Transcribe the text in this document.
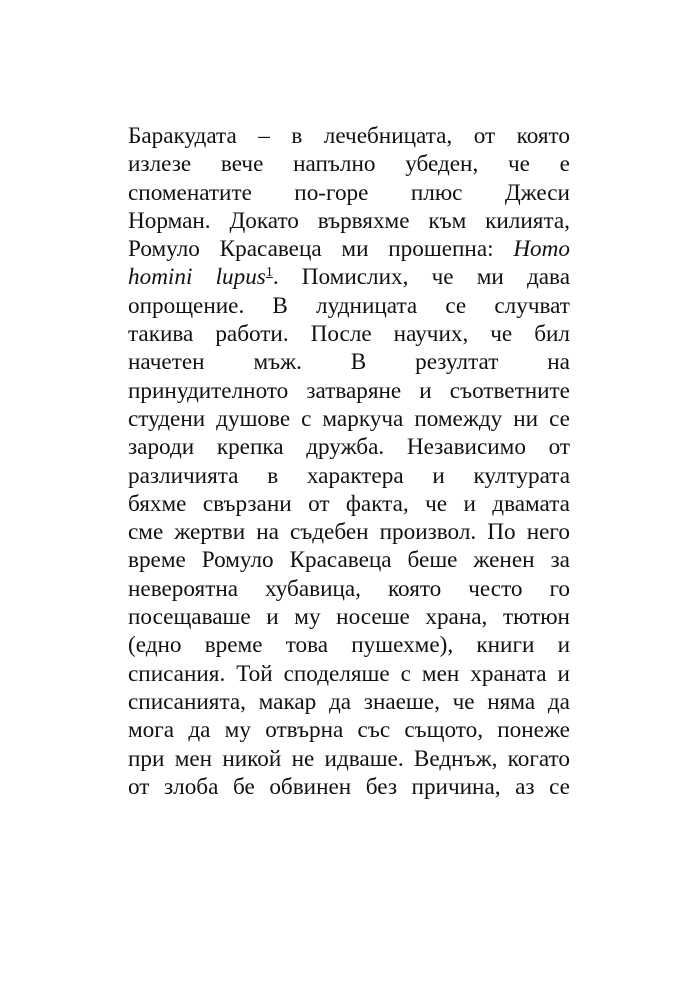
Баракудата – в лечебницата, от която
излезе вече напълно убеден, че е
споменатите по-горе плюс Джеси
Норман. Докато вървяхме към килията,
Ромуло Красавеца ми прошепна: Homo
homini lupus$^1$. Помислих, че ми дава
опрощение. В лудницата се случват
такива работи. После научих, че бил
начетен мъж. В резултат на
принудителното затваряне и съответните
студени душове с маркуча помежду ни се
зароди крепка дружба. Независимо от
различията в характера и културата
бяхме свързани от факта, че и двамата
сме жертви на съдебен произвол. По него
време Ромуло Красавеца беше женен за
невероятна хубавица, която често го
посещаваше и му носеше храна, тютюн
(едно време това пушехме), книги и
списания. Той споделяше с мен храната и
списанията, макар да знаеше, че няма да
мога да му отвърна със същото, понеже
при мен никой не идваше. Веднъж, когато
от злоба бе обвинен без причина, аз се
